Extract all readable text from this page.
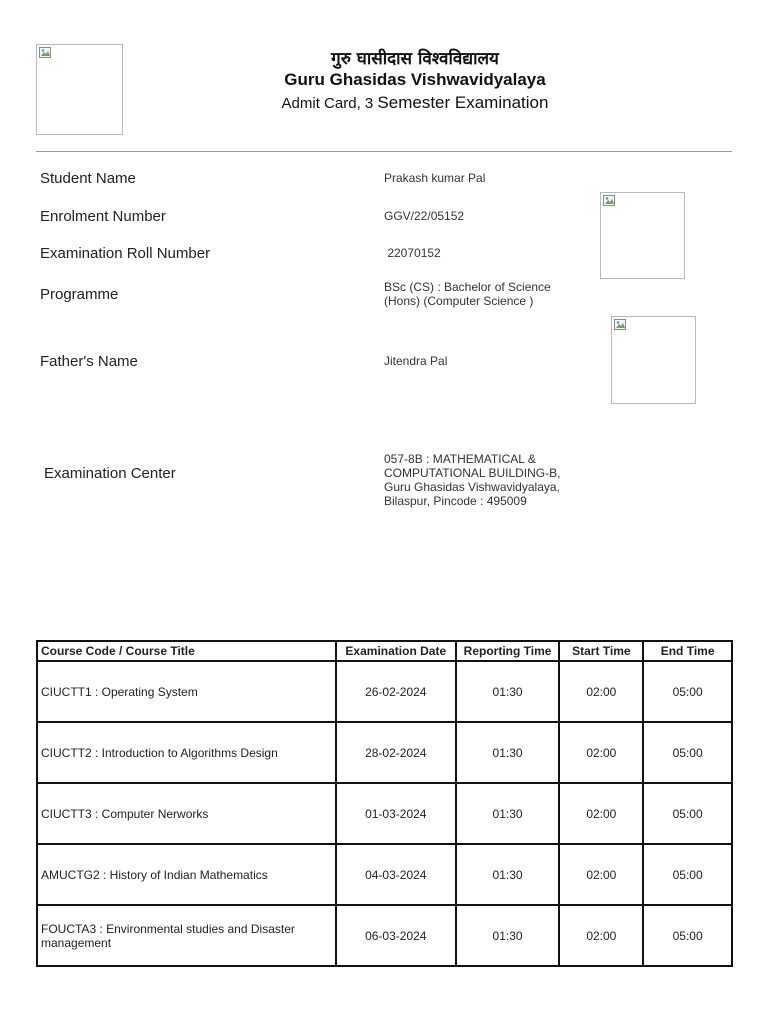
गुरु घासीदास विश्वविद्यालय
Guru Ghasidas Vishwavidyalaya
Admit Card, 3 Semester Examination
Student Name	Prakash kumar Pal
Enrolment Number	GGV/22/05152
Examination Roll Number	22070152
Programme	BSc (CS) : Bachelor of Science (Hons) (Computer Science )
Father's Name	Jitendra Pal
Examination Center
057-8B : MATHEMATICAL & COMPUTATIONAL BUILDING-B, Guru Ghasidas Vishwavidyalaya, Bilaspur, Pincode : 495009
Course Code / Course Title	Examination Date	Reporting Time	Start Time	End Time
CIUCTT1 : Operating System	26-02-2024	01:30	02:00	05:00
CIUCTT2 : Introduction to Algorithms Design	28-02-2024	01:30	02:00	05:00
CIUCTT3 : Computer Nerworks	01-03-2024	01:30	02:00	05:00
AMUCTG2 : History of Indian Mathematics	04-03-2024	01:30	02:00	05:00
FOUCTA3 : Environmental studies and Disaster management	06-03-2024	01:30	02:00	05:00
